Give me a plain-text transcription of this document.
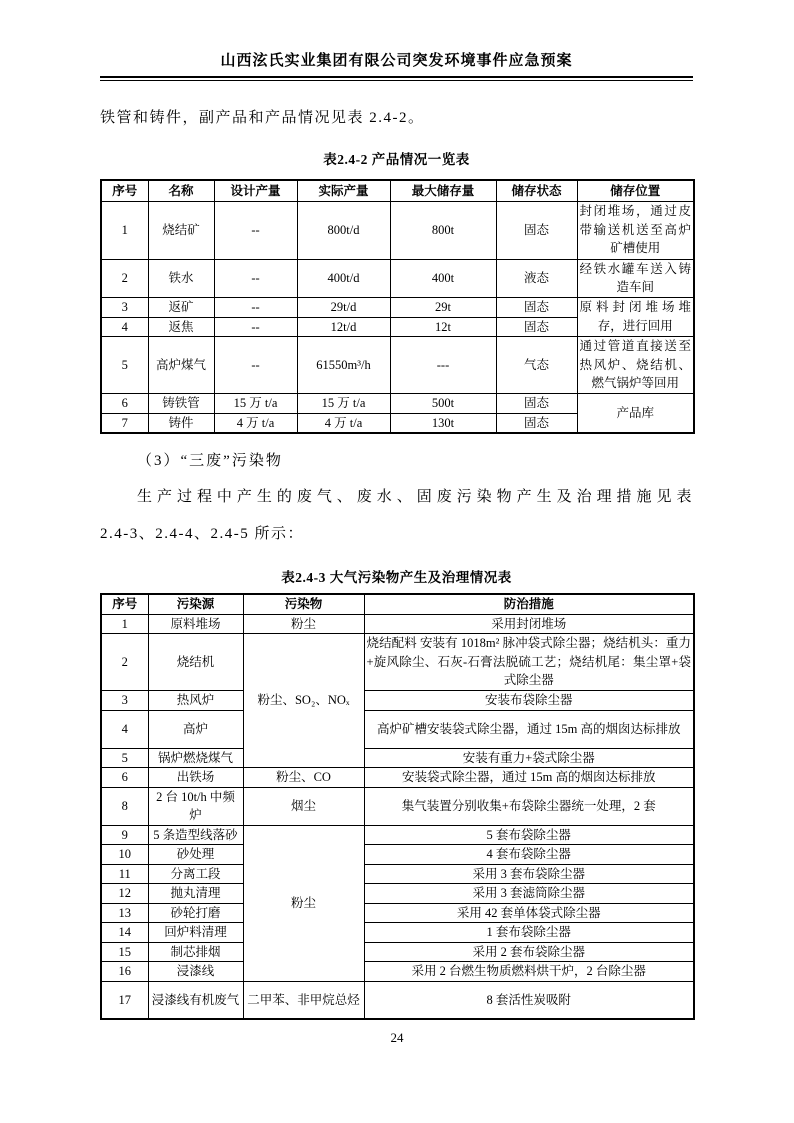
山西泫氏实业集团有限公司突发环境事件应急预案

铁管和铸件，副产品和产品情况见表 2.4-2。

表2.4-2 产品情况一览表
序号	名称	设计产量	实际产量	最大储存量	储存状态	储存位置
1	烧结矿	--	800t/d	800t	固态	封闭堆场，通过皮带输送机送至高炉矿槽使用
2	铁水	--	400t/d	400t	液态	经铁水罐车送入铸造车间
3	返矿	--	29t/d	29t	固态	原料封闭堆场堆存，进行回用
4	返焦	--	12t/d	12t	固态	
5	高炉煤气	--	61550m³/h	---	气态	通过管道直接送至热风炉、烧结机、燃气锅炉等回用
6	铸铁管	15 万 t/a	15 万 t/a	500t	固态	产品库
7	铸件	4 万 t/a	4 万 t/a	130t	固态	

（3）“三废”污染物

生产过程中产生的废气、废水、固废污染物产生及治理措施见表

2.4-3、2.4-4、2.4-5 所示：

表2.4-3 大气污染物产生及治理情况表
序号	污染源	污染物	防治措施
1	原料堆场	粉尘	采用封闭堆场
2	烧结机	粉尘、SO₂、NOₓ	烧结配料 安装有 1018m² 脉冲袋式除尘器；烧结机头：重力+旋风除尘、石灰-石膏法脱硫工艺；烧结机尾：集尘罩+袋式除尘器
3	热风炉		安装布袋除尘器
4	高炉		高炉矿槽安装袋式除尘器，通过 15m 高的烟囱达标排放
5	锅炉燃烧煤气		安装有重力+袋式除尘器
6	出铁场	粉尘、CO	安装袋式除尘器，通过 15m 高的烟囱达标排放
8	2 台 10t/h 中频炉	烟尘	集气装置分别收集+布袋除尘器统一处理，2 套
9	5 条造型线落砂	粉尘	5 套布袋除尘器
10	砂处理		4 套布袋除尘器
11	分离工段		采用 3 套布袋除尘器
12	抛丸清理		采用 3 套滤筒除尘器
13	砂轮打磨		采用 42 套单体袋式除尘器
14	回炉料清理		1 套布袋除尘器
15	制芯排烟		采用 2 套布袋除尘器
16	浸漆线		采用 2 台燃生物质燃料烘干炉，2 台除尘器
17	浸漆线有机废气	二甲苯、非甲烷总烃	8 套活性炭吸附
24
